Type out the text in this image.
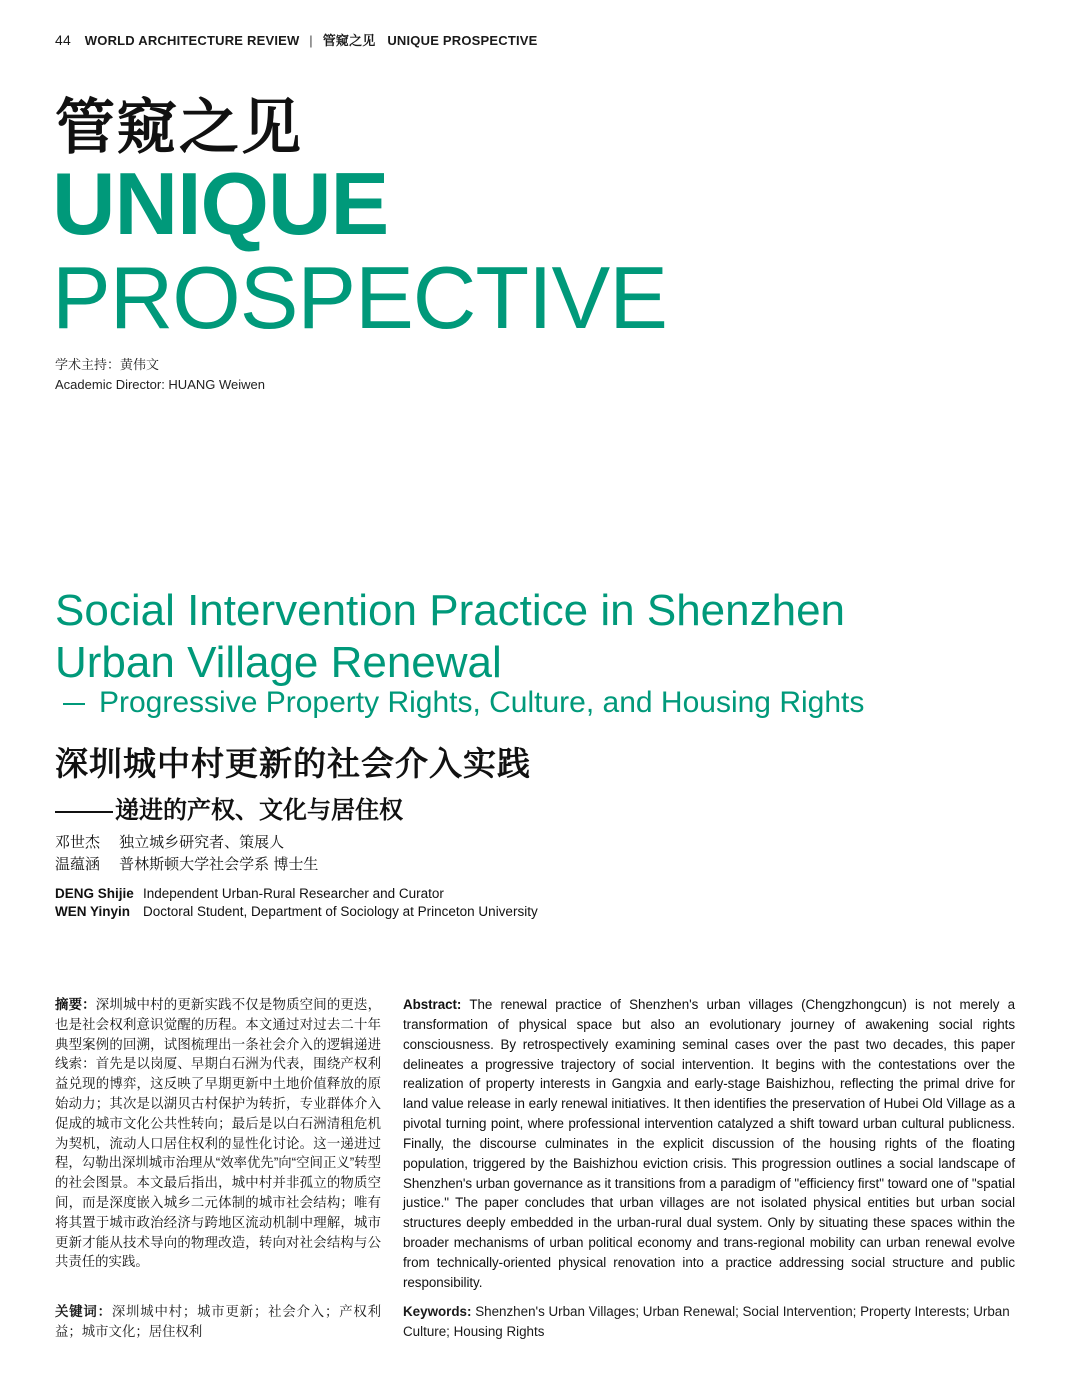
44 WORLD ARCHITECTURE REVIEW | 管窥之见 UNIQUE PROSPECTIVE
管窥之见
UNIQUE
PROSPECTIVE
学术主持：黄伟文
Academic Director: HUANG Weiwen
Social Intervention Practice in Shenzhen
Urban Village Renewal
Progressive Property Rights, Culture, and Housing Rights
深圳城中村更新的社会介入实践
递进的产权、文化与居住权
邓世杰 独立城乡研究者、策展人
温蕴涵 普林斯顿大学社会学系 博士生
DENG Shijie Independent Urban-Rural Researcher and Curator
WEN Yinyin Doctoral Student, Department of Sociology at Princeton University
摘要：深圳城中村的更新实践不仅是物质空间的更迭，也是社会权利意识觉醒的历程。本文通过对过去二十年典型案例的回溯，试图梳理出一条社会介入的逻辑递进线索：首先是以岗厦、早期白石洲为代表，围绕产权利益兑现的博弈，这反映了早期更新中土地价值释放的原始动力；其次是以湖贝古村保护为转折，专业群体介入促成的城市文化公共性转向；最后是以白石洲清租危机为契机，流动人口居住权利的显性化讨论。这一递进过程，勾勒出深圳城市治理从“效率优先”向“空间正义”转型的社会图景。本文最后指出，城中村并非孤立的物质空间，而是深度嵌入城乡二元体制的城市社会结构；唯有将其置于城市政治经济与跨地区流动机制中理解，城市更新才能从技术导向的物理改造，转向对社会结构与公共责任的实践。
关键词：深圳城中村；城市更新；社会介入；产权利益；城市文化；居住权利
Abstract: The renewal practice of Shenzhen's urban villages (Chengzhongcun) is not merely a transformation of physical space but also an evolutionary journey of awakening social rights consciousness. By retrospectively examining seminal cases over the past two decades, this paper delineates a progressive trajectory of social intervention. It begins with the contestations over the realization of property interests in Gangxia and early-stage Baishizhou, reflecting the primal drive for land value release in early renewal initiatives. It then identifies the preservation of Hubei Old Village as a pivotal turning point, where professional intervention catalyzed a shift toward urban cultural publicness. Finally, the discourse culminates in the explicit discussion of the housing rights of the floating population, triggered by the Baishizhou eviction crisis. This progression outlines a social landscape of Shenzhen's urban governance as it transitions from a paradigm of "efficiency first" toward one of "spatial justice." The paper concludes that urban villages are not isolated physical entities but urban social structures deeply embedded in the urban-rural dual system. Only by situating these spaces within the broader mechanisms of urban political economy and trans-regional mobility can urban renewal evolve from technically-oriented physical renovation into a practice addressing social structure and public responsibility.
Keywords: Shenzhen's Urban Villages; Urban Renewal; Social Intervention; Property Interests; Urban Culture; Housing Rights
